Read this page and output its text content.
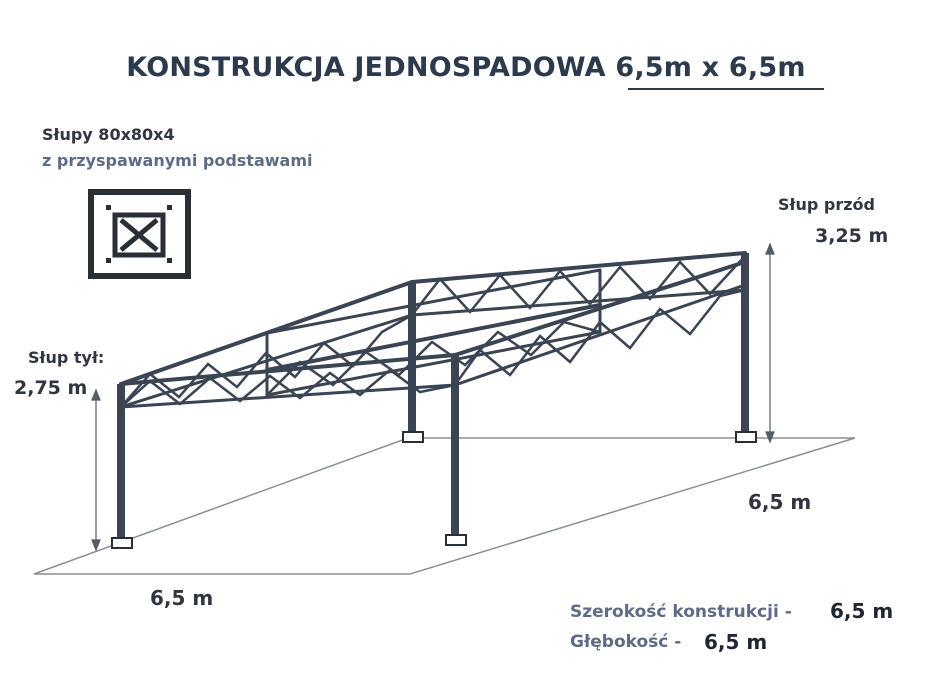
KONSTRUKCJA JEDNOSPADOWA 6,5m x 6,5m
Słupy 80x80x4
z przyspawanymi podstawami
Słup przód
3,25 m
Słup tył:
2,75 m
6,5 m
6,5 m
Szerokość konstrukcji - 6,5 m
Głębokość - 6,5 m
